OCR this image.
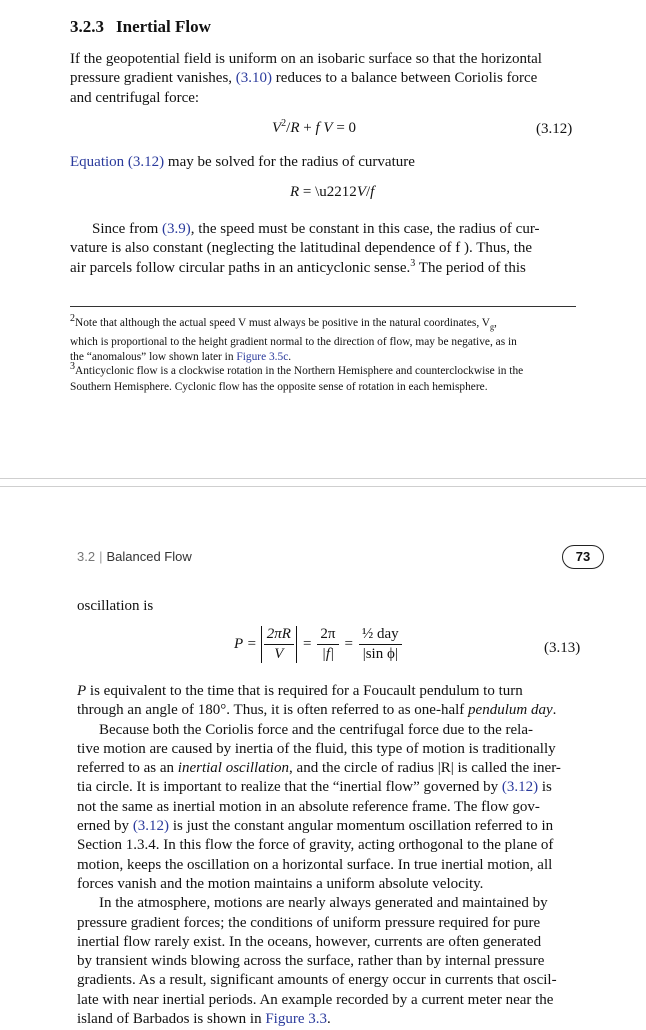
3.2.3 Inertial Flow
If the geopotential field is uniform on an isobaric surface so that the horizontal
pressure gradient vanishes, (3.10) reduces to a balance between Coriolis force
and centrifugal force:
$V^2/R + f$ V = 0	(3.12)
Equation (3.12) may be solved for the radius of curvature
R = \u2212V/f
Since from (3.9), the speed must be constant in this case, the radius of cur-
vature is also constant (neglecting the latitudinal dependence of f ). Thus, the
air parcels follow circular paths in an anticyclonic sense.$^3$ The period of this
2Note that although the actual speed V must always be positive in the natural coordinates, $V_g$,
which is proportional to the height gradient normal to the direction of flow, may be negative, as in
the “anomalous” low shown later in Figure 3.5c.
3Anticyclonic flow is a clockwise rotation in the Northern Hemisphere and counterclockwise in the
Southern Hemisphere. Cyclonic flow has the opposite sense of rotation in each hemisphere.
3.2 | Balanced Flow	73
oscillation is
$P = \frac{2\pi R}{V} = \frac{2\pi}{|f|} = \frac{\text{½ day}}{\text{|sin ϕ|}}$	(3.13)
P is equivalent to the time that is required for a Foucault pendulum to turn
through an angle of 180°. Thus, it is often referred to as one-half pendulum day.
Because both the Coriolis force and the centrifugal force due to the rela-
tive motion are caused by inertia of the fluid, this type of motion is traditionally
referred to as an inertial oscillation, and the circle of radius |R| is called the iner-
tia circle. It is important to realize that the “inertial flow” governed by (3.12) is
not the same as inertial motion in an absolute reference frame. The flow gov-
erned by (3.12) is just the constant angular momentum oscillation referred to in
Section 1.3.4. In this flow the force of gravity, acting orthogonal to the plane of
motion, keeps the oscillation on a horizontal surface. In true inertial motion, all
forces vanish and the motion maintains a uniform absolute velocity.
In the atmosphere, motions are nearly always generated and maintained by
pressure gradient forces; the conditions of uniform pressure required for pure
inertial flow rarely exist. In the oceans, however, currents are often generated
by transient winds blowing across the surface, rather than by internal pressure
gradients. As a result, significant amounts of energy occur in currents that oscil-
late with near inertial periods. An example recorded by a current meter near the
island of Barbados is shown in Figure 3.3.
